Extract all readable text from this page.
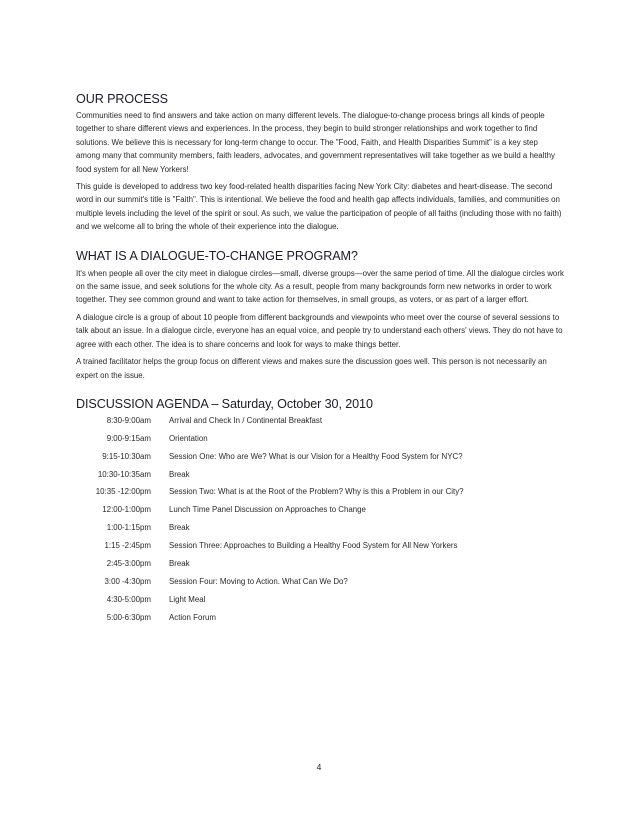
OUR PROCESS

Communities need to find answers and take action on many different levels. The dialogue-to-change process brings all kinds of people together to share different views and experiences. In the process, they begin to build stronger relationships and work together to find solutions. We believe this is necessary for long-term change to occur. The "Food, Faith, and Health Disparities Summit" is a key step among many that community members, faith leaders, advocates, and government representatives will take together as we build a healthy food system for all New Yorkers!

This guide is developed to address two key food-related health disparities facing New York City: diabetes and heart-disease. The second word in our summit's title is "Faith". This is intentional. We believe the food and health gap affects individuals, families, and communities on multiple levels including the level of the spirit or soul. As such, we value the participation of people of all faiths (including those with no faith) and we welcome all to bring the whole of their experience into the dialogue.

WHAT IS A DIALOGUE-TO-CHANGE PROGRAM?

It's when people all over the city meet in dialogue circles—small, diverse groups—over the same period of time. All the dialogue circles work on the same issue, and seek solutions for the whole city. As a result, people from many backgrounds form new networks in order to work together. They see common ground and want to take action for themselves, in small groups, as voters, or as part of a larger effort.

A dialogue circle is a group of about 10 people from different backgrounds and viewpoints who meet over the course of several sessions to talk about an issue. In a dialogue circle, everyone has an equal voice, and people try to understand each others' views. They do not have to agree with each other. The idea is to share concerns and look for ways to make things better.

A trained facilitator helps the group focus on different views and makes sure the discussion goes well. This person is not necessarily an expert on the issue.

DISCUSSION AGENDA – Saturday, October 30, 2010
8:30-9:00am	Arrival and Check In / Continental Breakfast
9:00-9:15am	Orientation
9:15-10:30am	Session One: Who are We? What is our Vision for a Healthy Food System for NYC?
10:30-10:35am	Break
10:35 -12:00pm	Session Two: What is at the Root of the Problem? Why is this a Problem in our City?
12:00-1:00pm	Lunch Time Panel Discussion on Approaches to Change
1:00-1:15pm	Break
1:15 -2:45pm	Session Three: Approaches to Building a Healthy Food System for All New Yorkers
2:45-3:00pm	Break
3:00 -4:30pm	Session Four: Moving to Action. What Can We Do?
4:30-5:00pm	Light Meal
5:00-6:30pm	Action Forum
4
